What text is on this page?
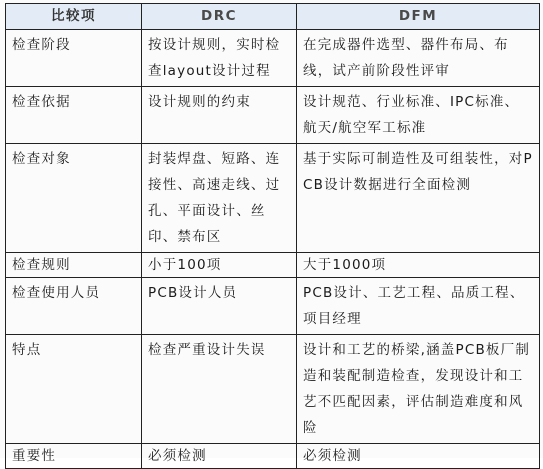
比较项	DRC	DFM
检查阶段	按设计规则，实时检查layout设计过程	在完成器件选型、器件布局、布线，试产前阶段性评审
检查依据	设计规则的约束	设计规范、行业标准、IPC标准、航天/航空军工标准
检查对象	封装焊盘、短路、连接性、高速走线、过孔、平面设计、丝印、禁布区	基于实际可制造性及可组装性，对PCB设计数据进行全面检测
检查规则	小于100项	大于1000项
检查使用人员	PCB设计人员	PCB设计、工艺工程、品质工程、项目经理
特点	检查严重设计失误	设计和工艺的桥梁,涵盖PCB板厂制造和装配制造检查，发现设计和工艺不匹配因素，评估制造难度和风险
重要性	必须检测	必须检测
